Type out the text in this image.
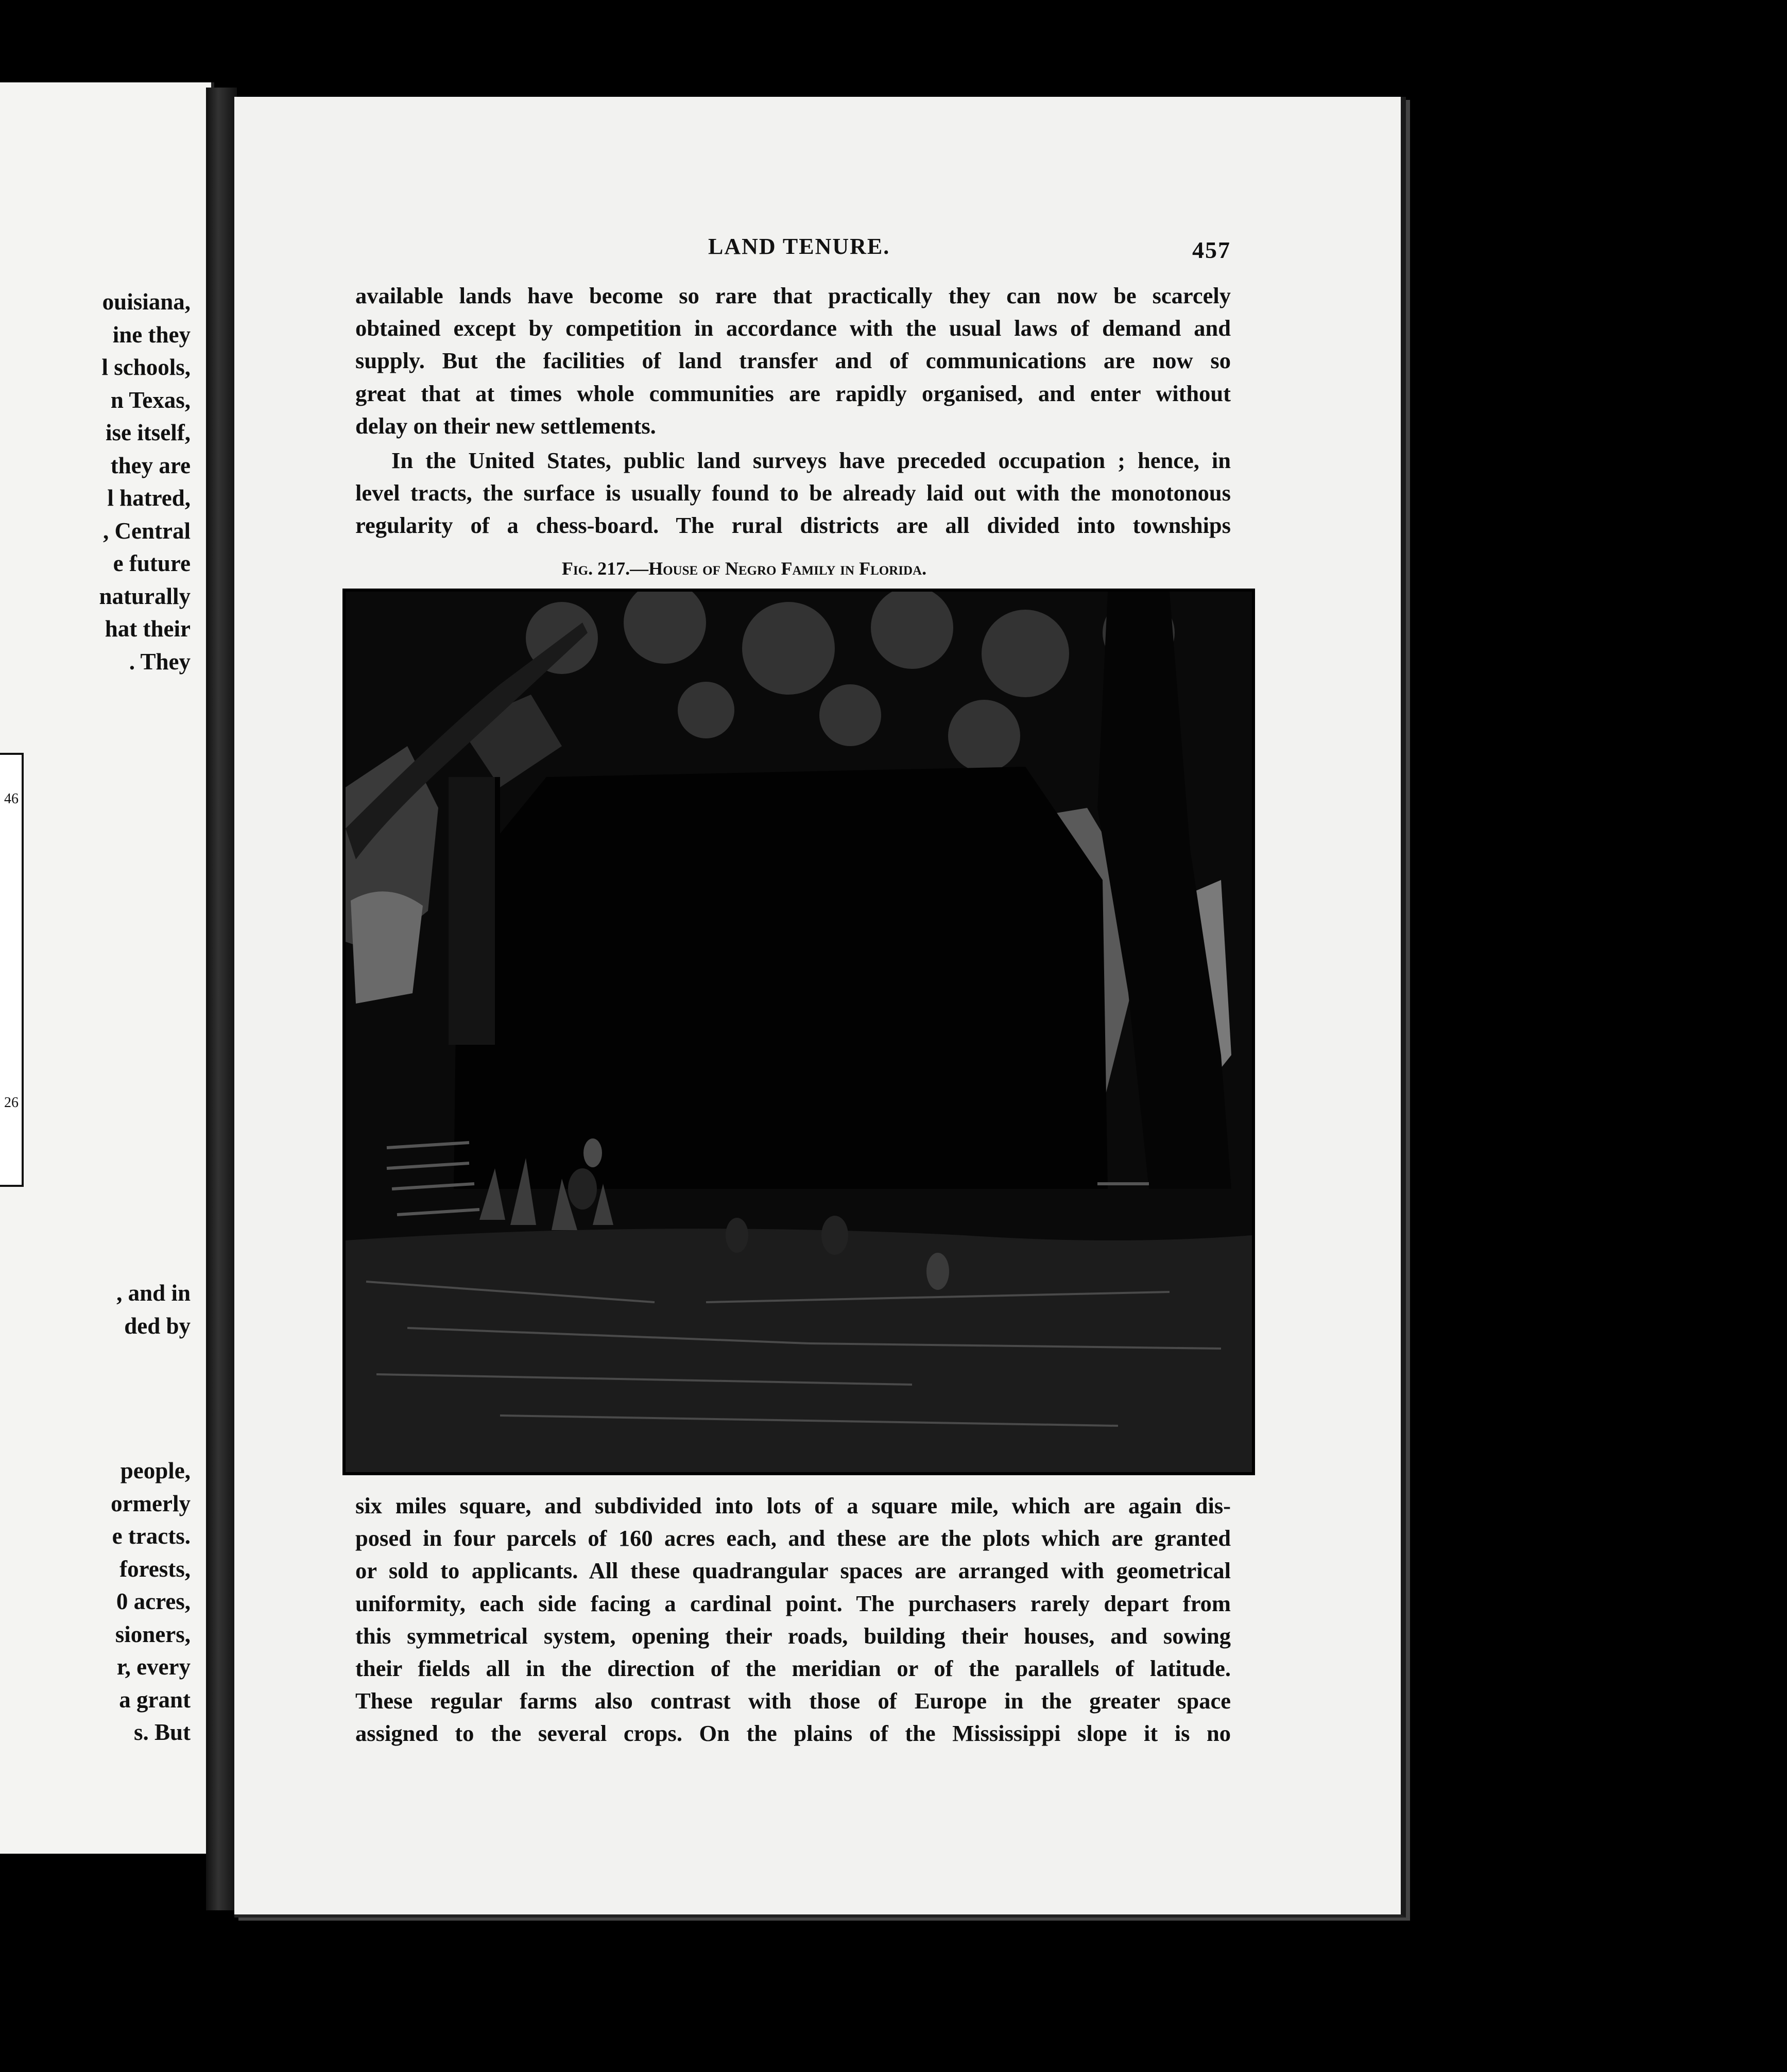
ouisiana,
ine they
l schools,
n Texas,
ise itself,
they are
l hatred,
, Central
e future
naturally
hat their
. They
46
26
, and in
ded by
people,
ormerly
e tracts.
forests,
0 acres,
sioners,
r, every
a grant
s. But
LAND TENURE.	457
available lands have become so rare that practically they can now be scarcely
obtained except by competition in accordance with the usual laws of demand and
supply. But the facilities of land transfer and of communications are now so
great that at times whole communities are rapidly organised, and enter without
delay on their new settlements.
In the United States, public land surveys have preceded occupation ; hence, in
level tracts, the surface is usually found to be already laid out with the monotonous
regularity of a chess-board. The rural districts are all divided into townships
Fig. 217.—House of Negro Family in Florida.
six miles square, and subdivided into lots of a square mile, which are again dis-
posed in four parcels of 160 acres each, and these are the plots which are granted
or sold to applicants. All these quadrangular spaces are arranged with geometrical
uniformity, each side facing a cardinal point. The purchasers rarely depart from
this symmetrical system, opening their roads, building their houses, and sowing
their fields all in the direction of the meridian or of the parallels of latitude.
These regular farms also contrast with those of Europe in the greater space
assigned to the several crops. On the plains of the Mississippi slope it is no
